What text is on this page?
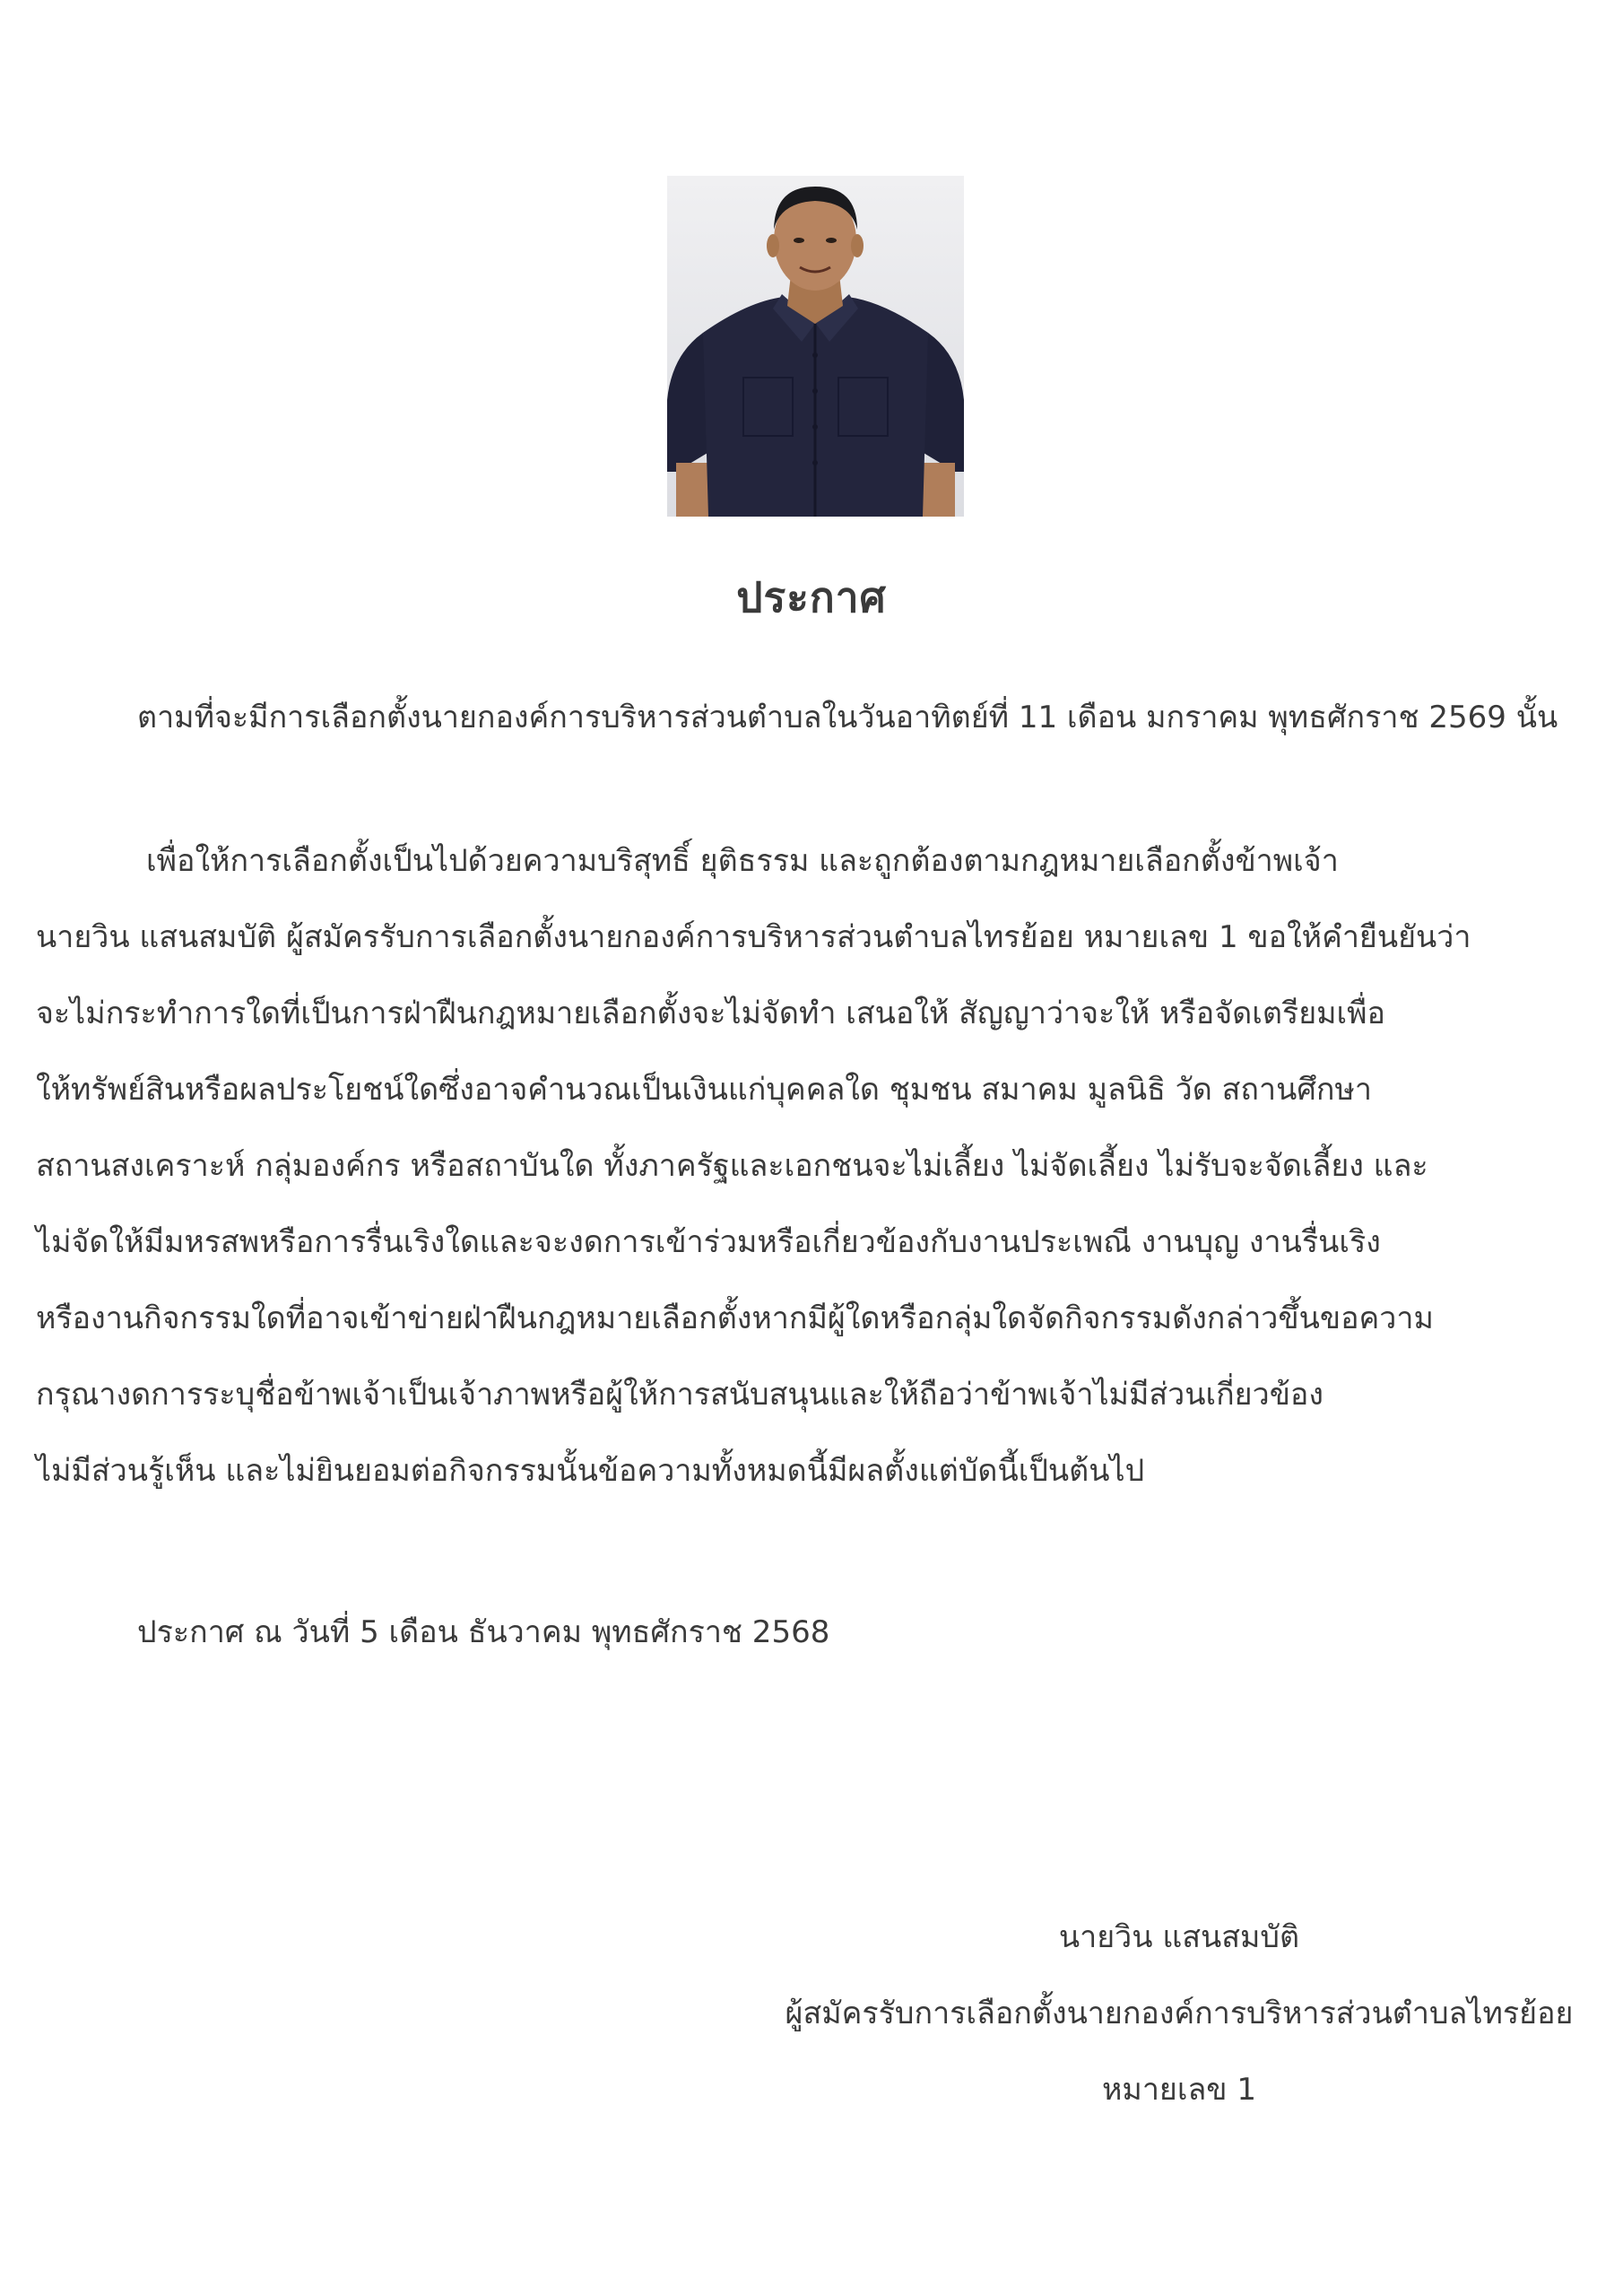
ประกาศ
ตามที่จะมีการเลือกตั้งนายกองค์การบริหารส่วนตำบลในวันอาทิตย์ที่ 11 เดือน มกราคม พุทธศักราช 2569 นั้น
เพื่อให้การเลือกตั้งเป็นไปด้วยความบริสุทธิ์ ยุติธรรม และถูกต้องตามกฎหมายเลือกตั้งข้าพเจ้า
นายวิน แสนสมบัติ ผู้สมัครรับการเลือกตั้งนายกองค์การบริหารส่วนตำบลไทรย้อย หมายเลข 1 ขอให้คำยืนยันว่า
จะไม่กระทำการใดที่เป็นการฝ่าฝืนกฎหมายเลือกตั้งจะไม่จัดทำ เสนอให้ สัญญาว่าจะให้ หรือจัดเตรียมเพื่อ
ให้ทรัพย์สินหรือผลประโยชน์ใดซึ่งอาจคำนวณเป็นเงินแก่บุคคลใด ชุมชน สมาคม มูลนิธิ วัด สถานศึกษา
สถานสงเคราะห์ กลุ่มองค์กร หรือสถาบันใด ทั้งภาครัฐและเอกชนจะไม่เลี้ยง ไม่จัดเลี้ยง ไม่รับจะจัดเลี้ยง และ
ไม่จัดให้มีมหรสพหรือการรื่นเริงใดและจะงดการเข้าร่วมหรือเกี่ยวข้องกับงานประเพณี งานบุญ งานรื่นเริง
หรืองานกิจกรรมใดที่อาจเข้าข่ายฝ่าฝืนกฎหมายเลือกตั้งหากมีผู้ใดหรือกลุ่มใดจัดกิจกรรมดังกล่าวขึ้นขอความ
กรุณางดการระบุชื่อข้าพเจ้าเป็นเจ้าภาพหรือผู้ให้การสนับสนุนและให้ถือว่าข้าพเจ้าไม่มีส่วนเกี่ยวข้อง
ไม่มีส่วนรู้เห็น และไม่ยินยอมต่อกิจกรรมนั้นข้อความทั้งหมดนี้มีผลตั้งแต่บัดนี้เป็นต้นไป
ประกาศ ณ วันที่ 5 เดือน ธันวาคม พุทธศักราช 2568
นายวิน แสนสมบัติ
ผู้สมัครรับการเลือกตั้งนายกองค์การบริหารส่วนตำบลไทรย้อย
หมายเลข 1
